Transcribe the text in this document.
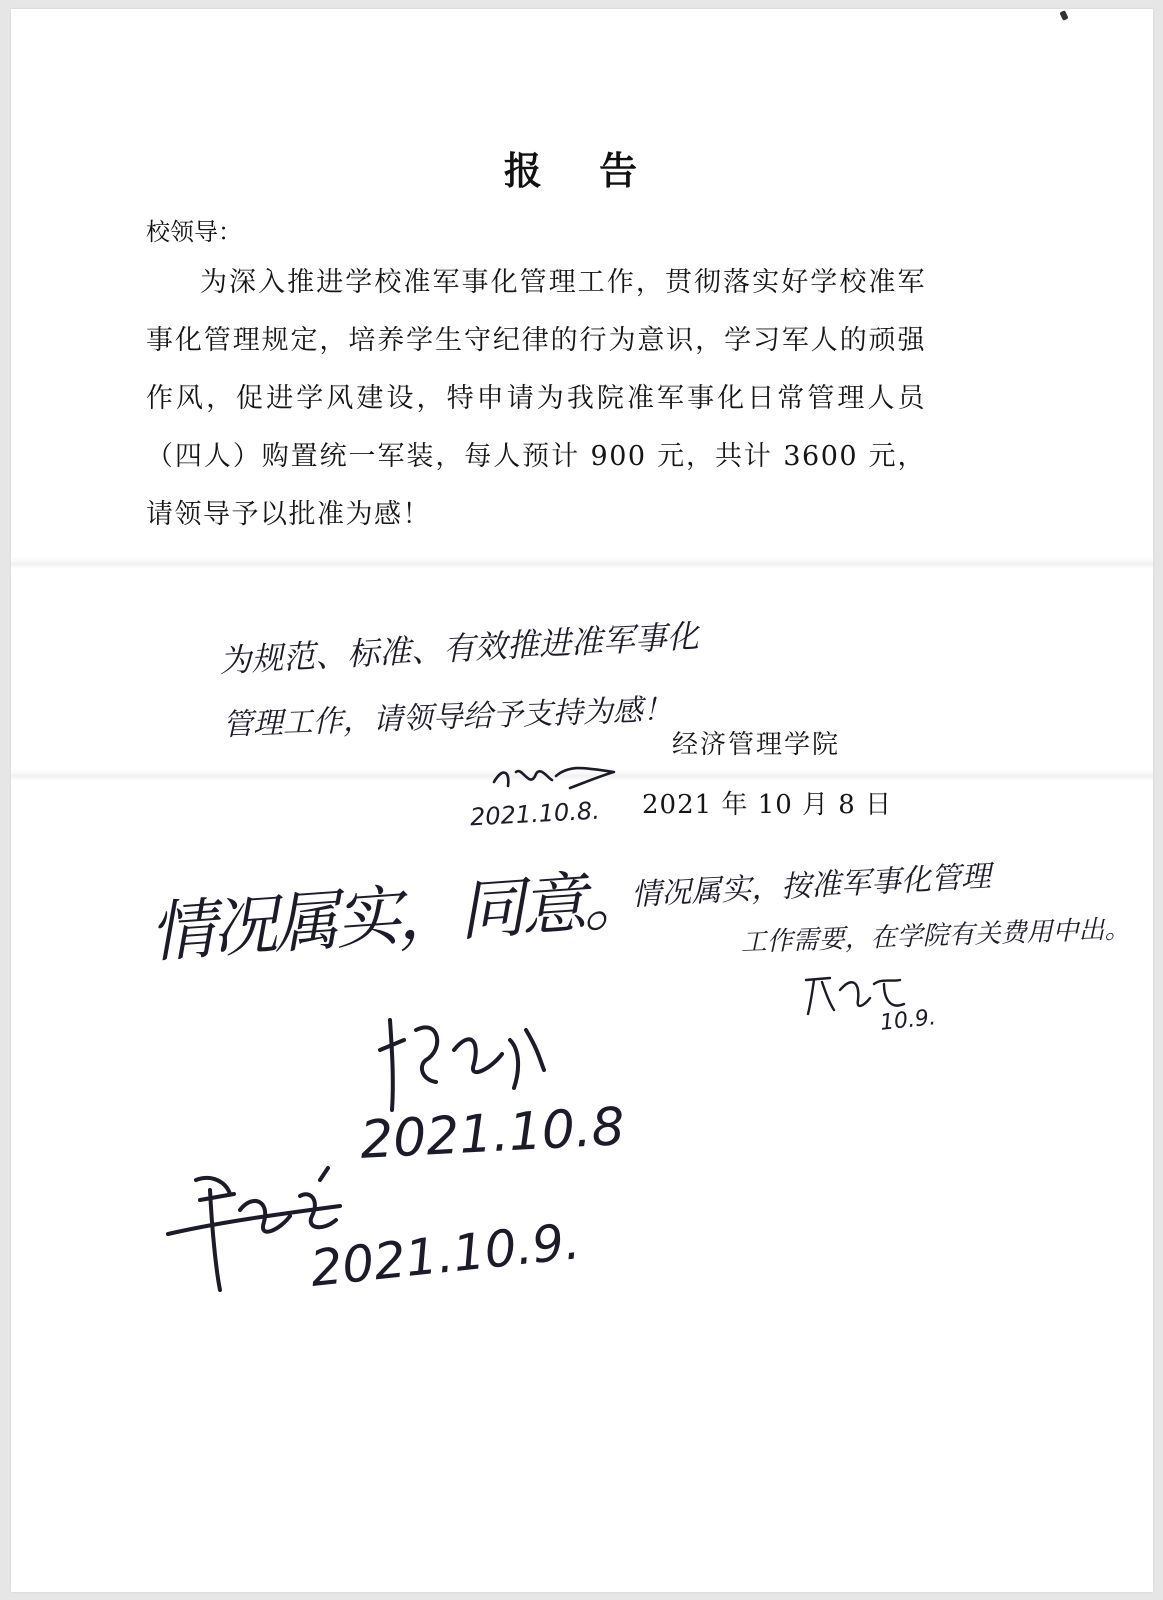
报 告
校领导：

为深入推进学校准军事化管理工作，贯彻落实好学校准军事化管理规定，培养学生守纪律的行为意识，学习军人的顽强作风，促进学风建设，特申请为我院准军事化日常管理人员（四人）购置统一军装，每人预计 900 元，共计 3600 元，请领导予以批准为感！

经济管理学院
2021 年 10 月 8 日
为规范、标准、有效推进准军事化
管理工作，请领导给予支持为感！
2021.10.8.
情况属实，按准军事化管理
工作需要，在学院有关费用中出。
10.9.
情况属实，同意。
2021.10.8
2021.10.9.
